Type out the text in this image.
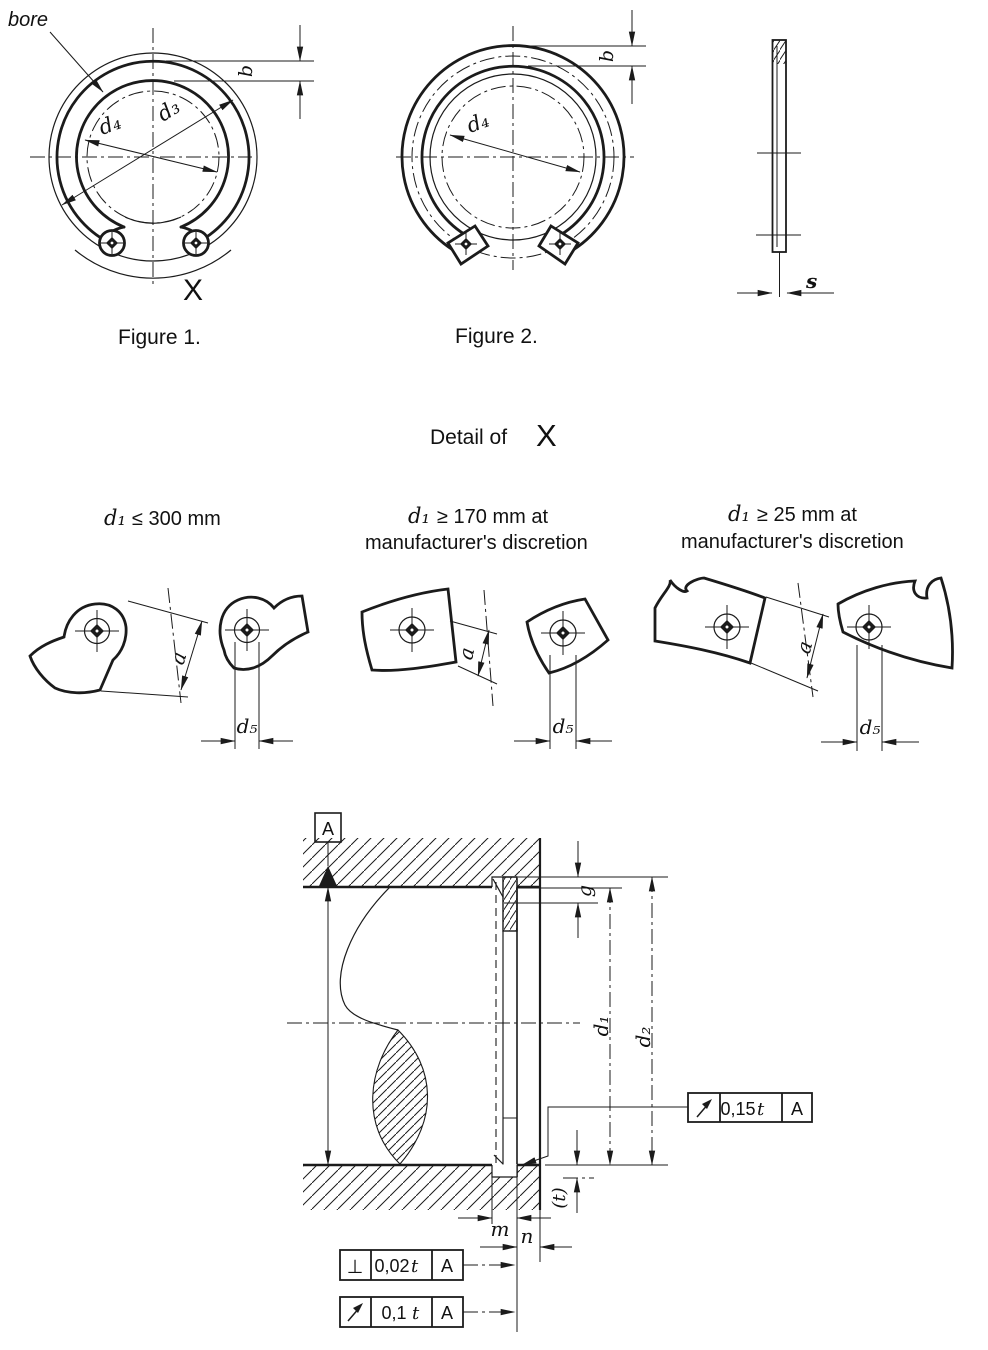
d₃
d₄
bore
b
X
Figure 1.
d₄
b
Figure 2.
s
Detail of X
d₁ ≤ 300 mm	d₁ ≥ 170 mm at
manufacturer's discretion
d₁ ≥ 25 mm at
manufacturer's discretion
a
d₅
a
d₅
a
d₅
A
g
d₁
d₂
(t)
m n
0,15 t A
⊥ 0,02 t A
0,1 t A
